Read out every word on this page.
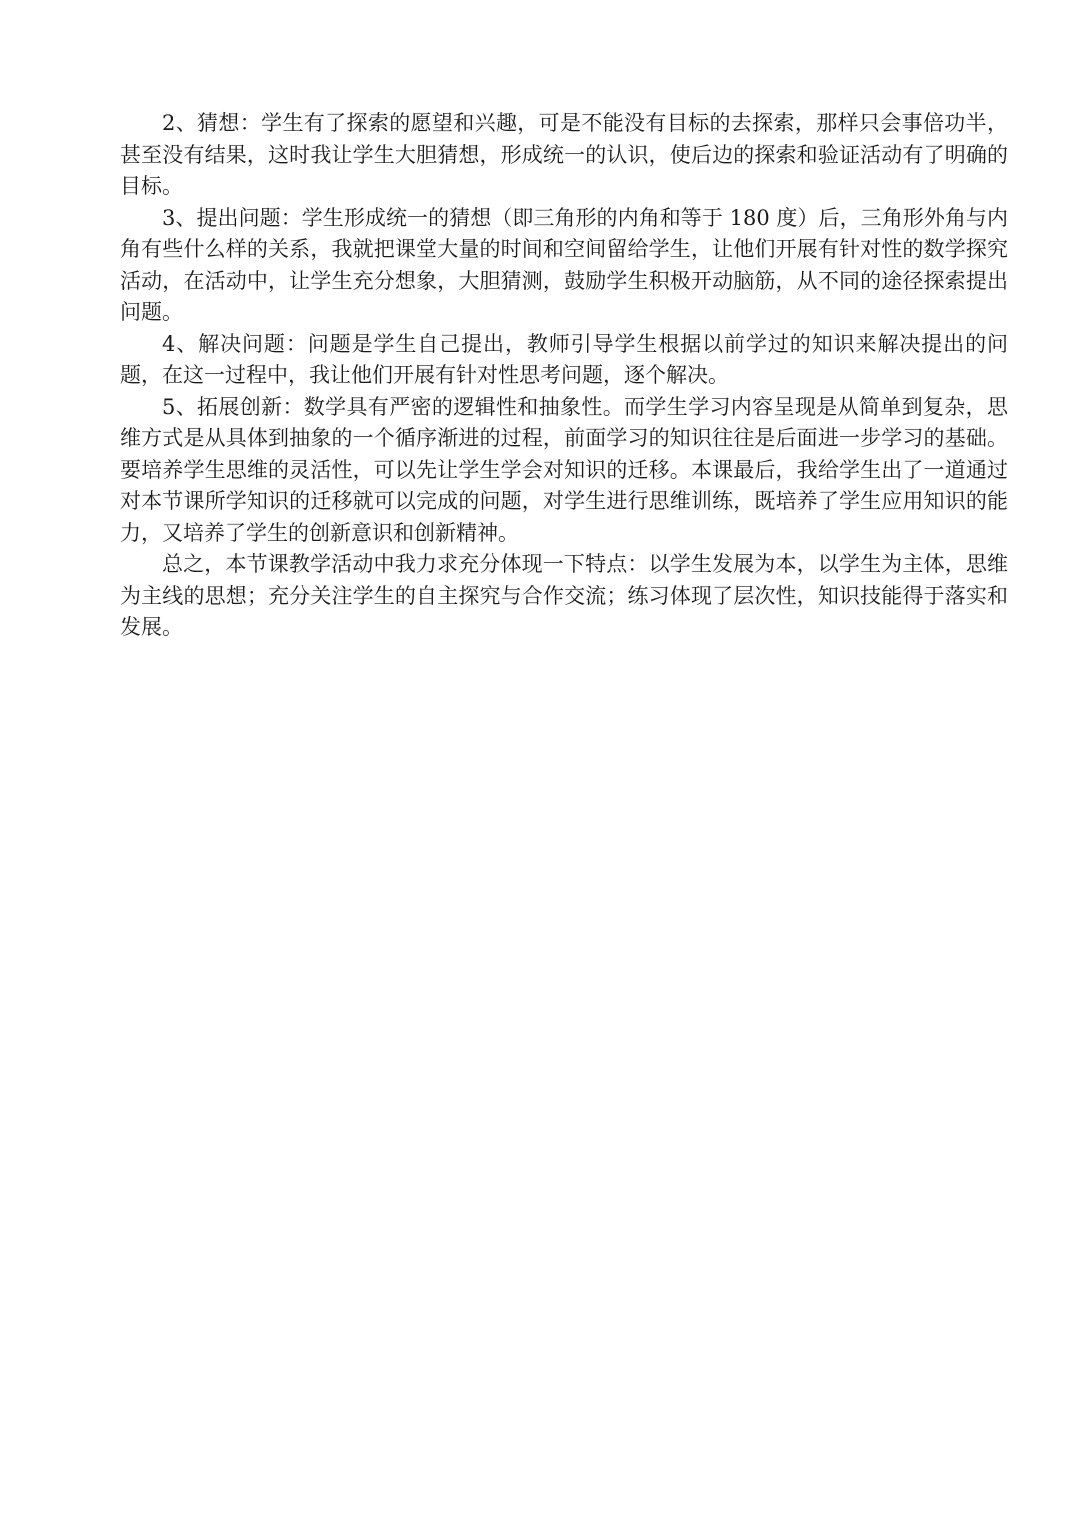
2、猜想：学生有了探索的愿望和兴趣，可是不能没有目标的去探索，那样只会事倍功半，甚至没有结果，这时我让学生大胆猜想，形成统一的认识，使后边的探索和验证活动有了明确的目标。

3、提出问题：学生形成统一的猜想（即三角形的内角和等于 180 度）后，三角形外角与内角有些什么样的关系，我就把课堂大量的时间和空间留给学生，让他们开展有针对性的数学探究活动，在活动中，让学生充分想象，大胆猜测，鼓励学生积极开动脑筋，从不同的途径探索提出问题。

4、解决问题：问题是学生自己提出，教师引导学生根据以前学过的知识来解决提出的问题，在这一过程中，我让他们开展有针对性思考问题，逐个解决。

5、拓展创新：数学具有严密的逻辑性和抽象性。而学生学习内容呈现是从简单到复杂，思维方式是从具体到抽象的一个循序渐进的过程，前面学习的知识往往是后面进一步学习的基础。要培养学生思维的灵活性，可以先让学生学会对知识的迁移。本课最后，我给学生出了一道通过对本节课所学知识的迁移就可以完成的问题，对学生进行思维训练，既培养了学生应用知识的能力，又培养了学生的创新意识和创新精神。

总之，本节课教学活动中我力求充分体现一下特点：以学生发展为本，以学生为主体，思维为主线的思想；充分关注学生的自主探究与合作交流；练习体现了层次性，知识技能得于落实和发展。
